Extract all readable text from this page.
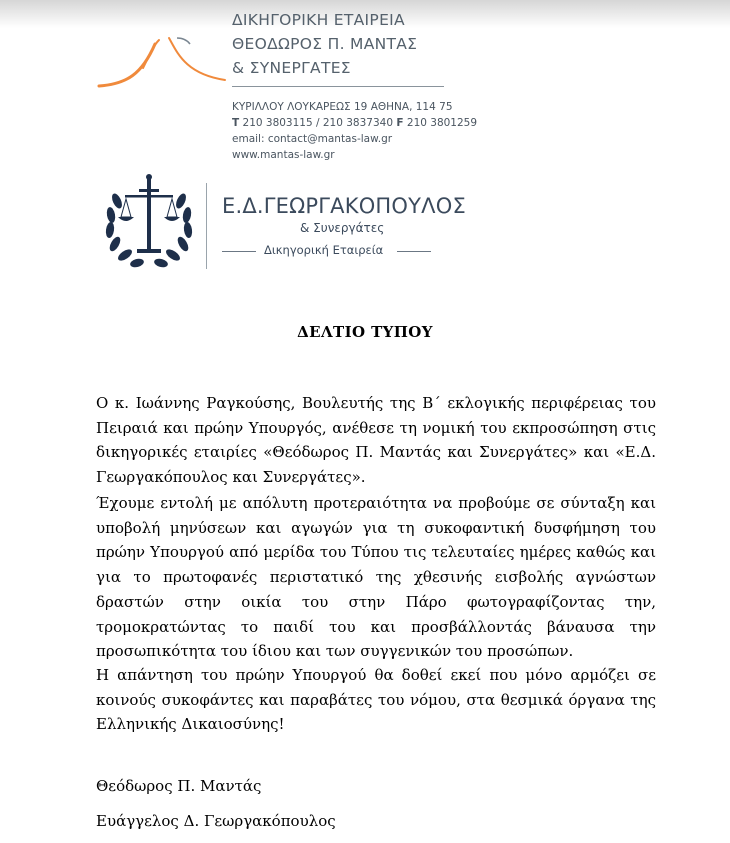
ΔΙΚΗΓΟΡΙΚΗ ΕΤΑΙΡΕΙΑ
ΘΕΟΔΩΡΟΣ Π. ΜΑΝΤΑΣ
& ΣΥΝΕΡΓΑΤΕΣ
ΚΥΡΙΛΛΟΥ ΛΟΥΚΑΡΕΩΣ 19 ΑΘΗΝΑ, 114 75
T 210 3803115 / 210 3837340 F 210 3801259
email: contact@mantas-law.gr
www.mantas-law.gr
Ε.Δ.ΓΕΩΡΓΑΚΟΠΟΥΛΟΣ
& Συνεργάτες
Δικηγορική Εταιρεία
ΔΕΛΤΙΟ ΤΥΠΟΥ
Ο κ. Ιωάννης Ραγκούσης, Βουλευτής της Β΄ εκλογικής περιφέρειας του Πειραιά και πρώην Υπουργός, ανέθεσε τη νομική του εκπροσώπηση στις δικηγορικές εταιρίες «Θεόδωρος Π. Μαντάς και Συνεργάτες» και «Ε.Δ. Γεωργακόπουλος και Συνεργάτες».
Έχουμε εντολή με απόλυτη προτεραιότητα να προβούμε σε σύνταξη και υποβολή μηνύσεων και αγωγών για τη συκοφαντική δυσφήμηση του πρώην Υπουργού από μερίδα του Τύπου τις τελευταίες ημέρες καθώς και για το πρωτοφανές περιστατικό της χθεσινής εισβολής αγνώστων δραστών στην οικία του στην Πάρο φωτογραφίζοντας την, τρομοκρατώντας το παιδί του και προσβάλλοντάς βάναυσα την προσωπικότητα του ίδιου και των συγγενικών του προσώπων.
Η απάντηση του πρώην Υπουργού θα δοθεί εκεί που μόνο αρμόζει σε κοινούς συκοφάντες και παραβάτες του νόμου, στα θεσμικά όργανα της Ελληνικής Δικαιοσύνης!
Θεόδωρος Π. Μαντάς
Ευάγγελος Δ. Γεωργακόπουλος
